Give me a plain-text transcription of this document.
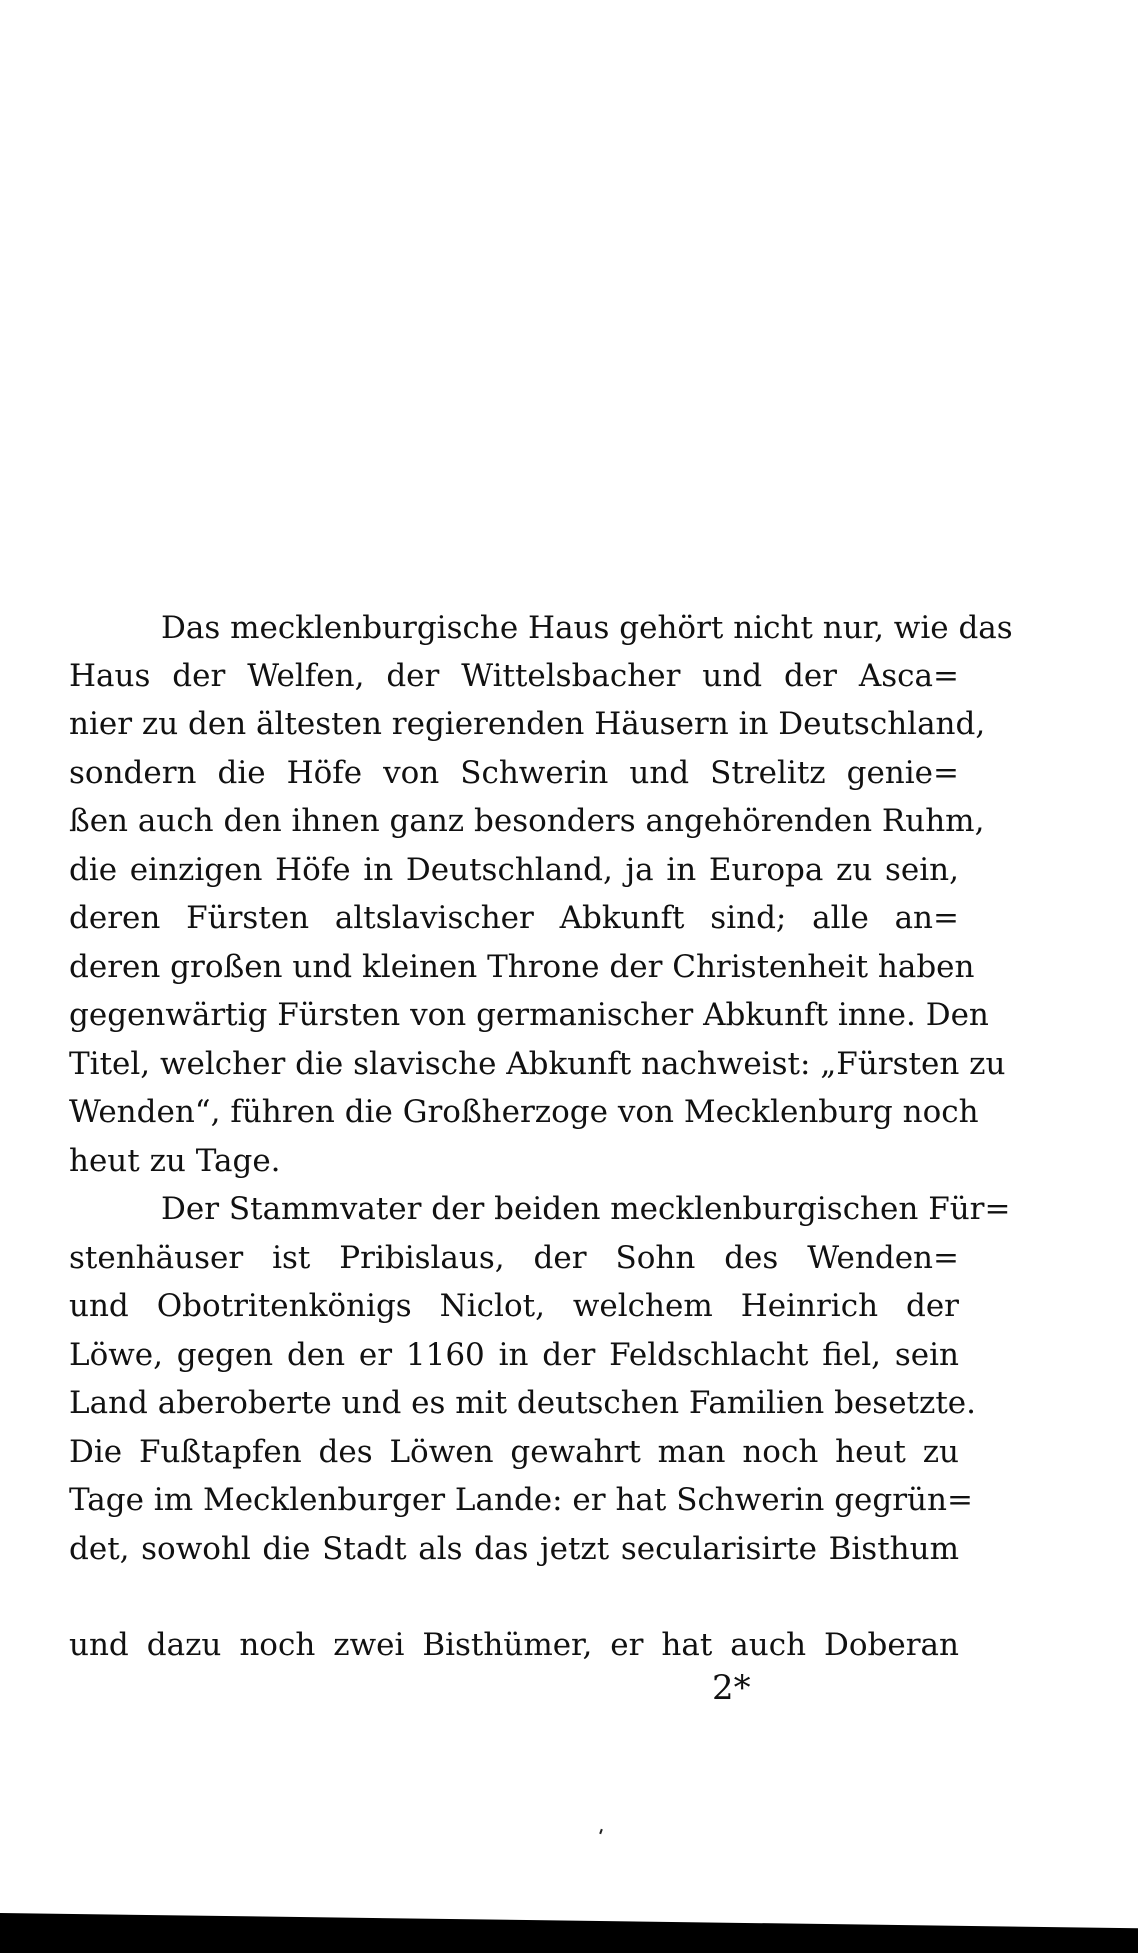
Das mecklenburgische Haus gehört nicht nur, wie das
Haus der Welfen, der Wittelsbacher und der Asca=
nier zu den ältesten regierenden Häusern in Deutschland,
sondern die Höfe von Schwerin und Strelitz genie=
ßen auch den ihnen ganz besonders angehörenden Ruhm,
die einzigen Höfe in Deutschland, ja in Europa zu sein,
deren Fürsten altslavischer Abkunft sind; alle an=
deren großen und kleinen Throne der Christenheit haben
gegenwärtig Fürsten von germanischer Abkunft inne. Den
Titel, welcher die slavische Abkunft nachweist: „Fürsten zu
Wenden“, führen die Großherzoge von Mecklenburg noch
heut zu Tage.
Der Stammvater der beiden mecklenburgischen Für=
stenhäuser ist Pribislaus, der Sohn des Wenden=
und Obotritenkönigs Niclot, welchem Heinrich der
Löwe, gegen den er 1160 in der Feldschlacht fiel, sein
Land aberoberte und es mit deutschen Familien besetzte.
Die Fußtapfen des Löwen gewahrt man noch heut zu
Tage im Mecklenburger Lande: er hat Schwerin gegrün=
det, sowohl die Stadt als das jetzt secularisirte Bisthum
und dazu noch zwei Bisthümer, er hat auch Doberan
2*
